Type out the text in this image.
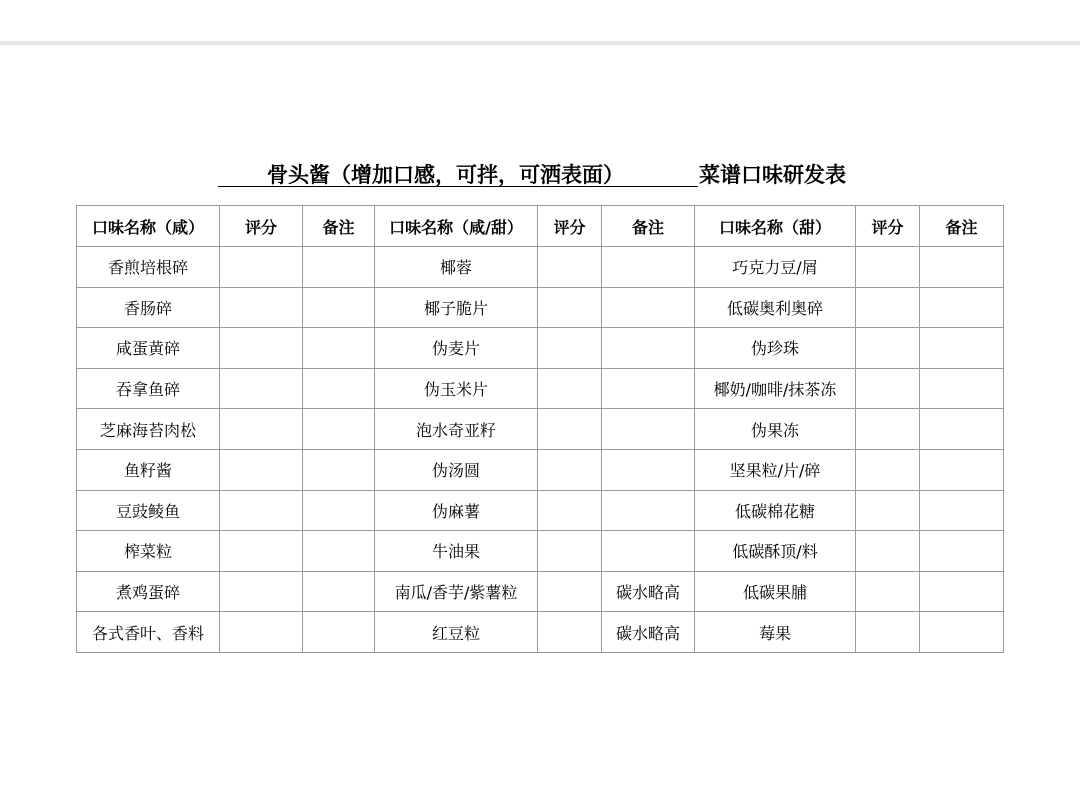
骨头酱（增加口感，可拌，可洒表面）	菜谱口味研发表
口味名称（咸）	评分	备注	口味名称（咸/甜）	评分	备注	口味名称（甜）	评分	备注
香煎培根碎			椰蓉			巧克力豆/屑		
香肠碎			椰子脆片			低碳奥利奥碎		
咸蛋黄碎			伪麦片			伪珍珠		
吞拿鱼碎			伪玉米片			椰奶/咖啡/抹茶冻		
芝麻海苔肉松			泡水奇亚籽			伪果冻		
鱼籽酱			伪汤圆			坚果粒/片/碎		
豆豉鲮鱼			伪麻薯			低碳棉花糖		
榨菜粒			牛油果			低碳酥顶/料		
煮鸡蛋碎			南瓜/香芋/紫薯粒		碳水略高	低碳果脯		
各式香叶、香料			红豆粒		碳水略高	莓果		
